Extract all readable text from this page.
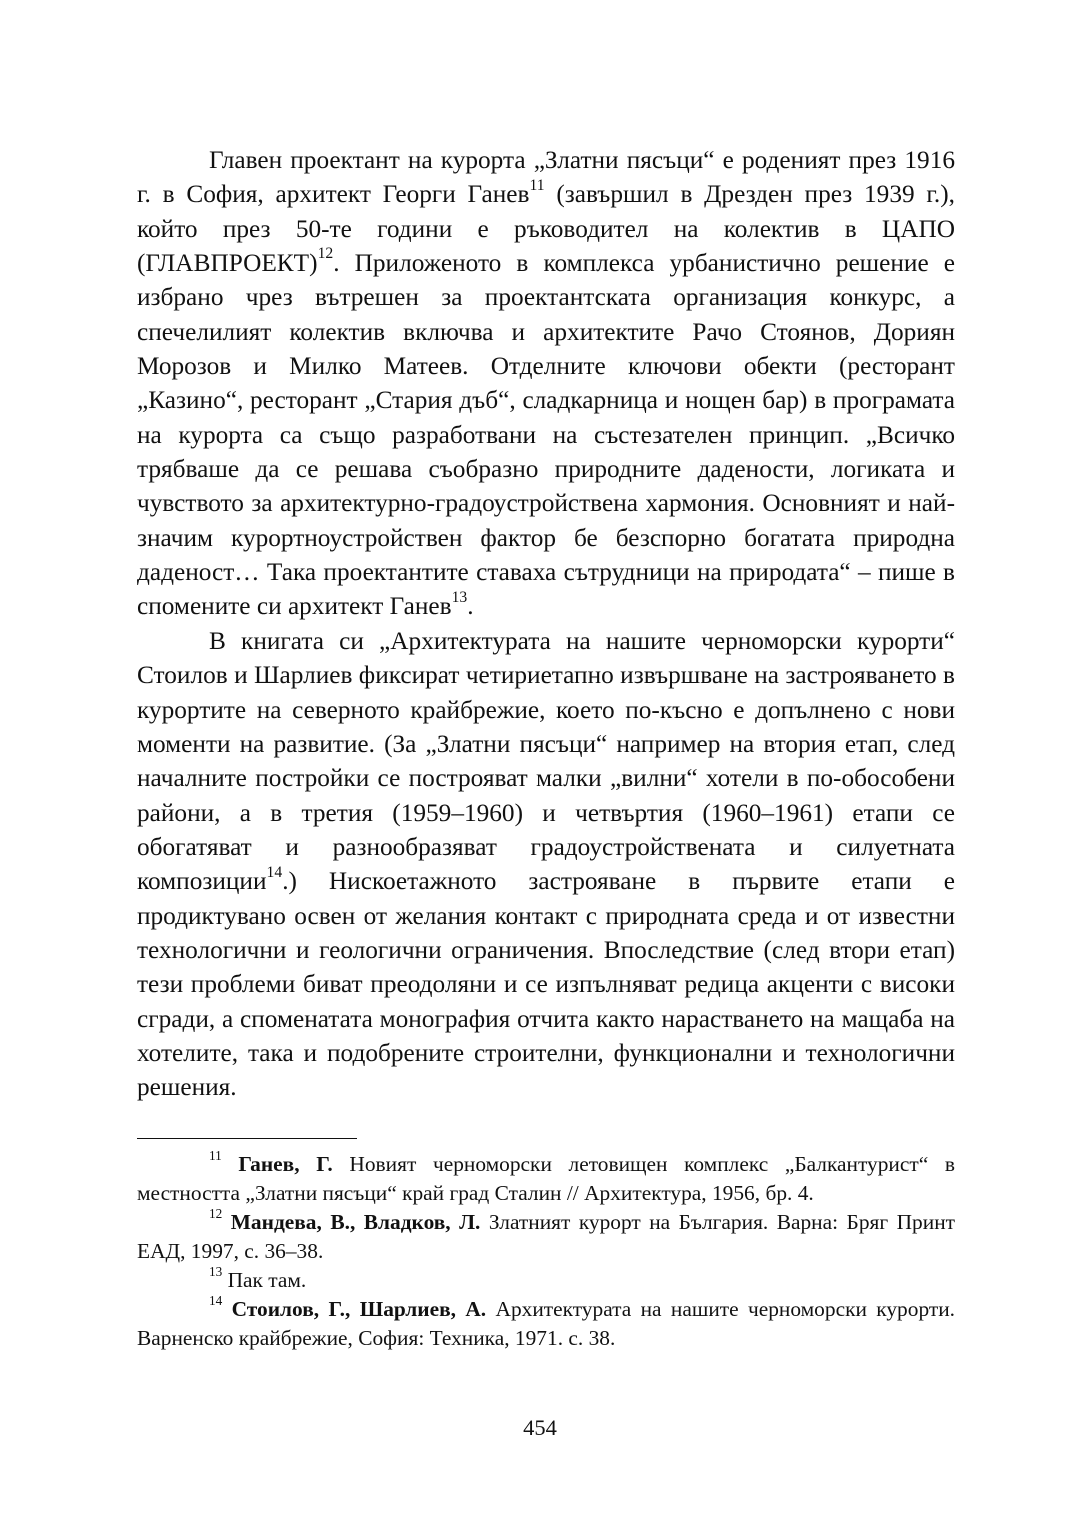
Главен проектант на курорта „Златни пясъци“ е роденият през 1916 г. в София, архитект Георги Ганев$^{11}$ (завършил в Дрезден през 1939 г.), който през 50-те години е ръководител на колектив в ЦАПО (ГЛАВПРОЕКТ)$^{12}$. Приложеното в комплекса урбанистично решение е избрано чрез вътрешен за проектантската организация конкурс, а спечелилият колектив включва и архитектите Рачо Стоянов, Дориян Морозов и Милко Матеев. Отделните ключови обекти (ресторант „Казино“, ресторант „Стария дъб“, сладкарница и нощен бар) в програмата на курорта са също разработвани на състезателен принцип. „Всичко трябваше да се решава съобразно природните дадености, логиката и чувството за архитектурно-градоустройствена хармония. Основният и най-значим курортноустройствен фактор бе безспорно богатата природна даденост… Така проектантите ставаха сътрудници на природата“ – пише в спомените си архитект Ганев$^{13}$.

В книгата си „Архитектурата на нашите черноморски курорти“ Стоилов и Шарлиев фиксират четириетапно извършване на застрояването в курортите на северното крайбрежие, което по-късно е допълнено с нови моменти на развитие. (За „Златни пясъци“ например на втория етап, след началните постройки се построяват малки „вилни“ хотели в по-обособени райони, а в третия (1959–1960) и четвъртия (1960–1961) етапи се обогатяват и разнообразяват градоустройствената и силуетната композиции$^{14}$.) Нискоетажното застрояване в първите етапи е продиктувано освен от желания контакт с природната среда и от известни технологични и геологични ограничения. Впоследствие (след втори етап) тези проблеми биват преодоляни и се изпълняват редица акценти с високи сгради, а споменатата монография отчита както нарастването на мащаба на хотелите, така и подобрените строителни, функционални и технологични решения.

$^{11}$ Ганев, Г. Новият черноморски летовищен комплекс „Балкантурист“ в местността „Златни пясъци“ край град Сталин // Архитектура, 1956, бр. 4.

$^{12}$ Мандева, В., Владков, Л. Златният курорт на България. Варна: Бряг Принт ЕАД, 1997, с. 36–38.

$^{13}$ Пак там.

$^{14}$ Стоилов, Г., Шарлиев, А. Архитектурата на нашите черноморски курорти. Варненско крайбрежие, София: Техника, 1971. с. 38.

454
